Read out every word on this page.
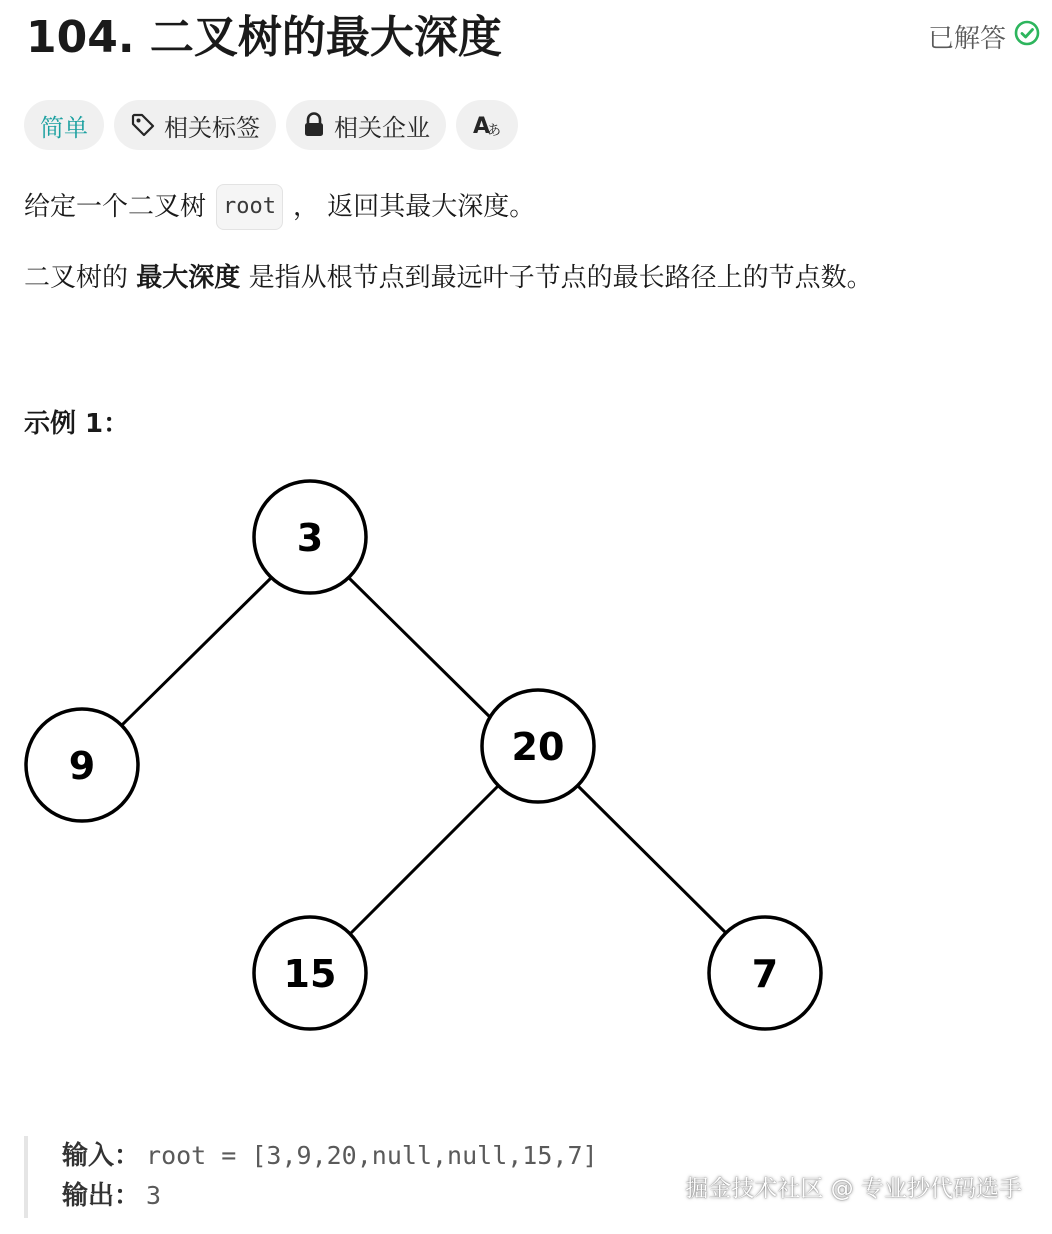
104. 二叉树的最大深度	已解答
简单	相关标签	相关企业 A
あ
给定一个二叉树 root ， 返回其最大深度。

二叉树的 最大深度 是指从根节点到最远叶子节点的最长路径上的节点数。

示例 1：
3
9	20
15	7
输入： root = [3,9,20,null,null,15,7]
输出： 3	掘金技术社区 @ 专业抄代码选手
